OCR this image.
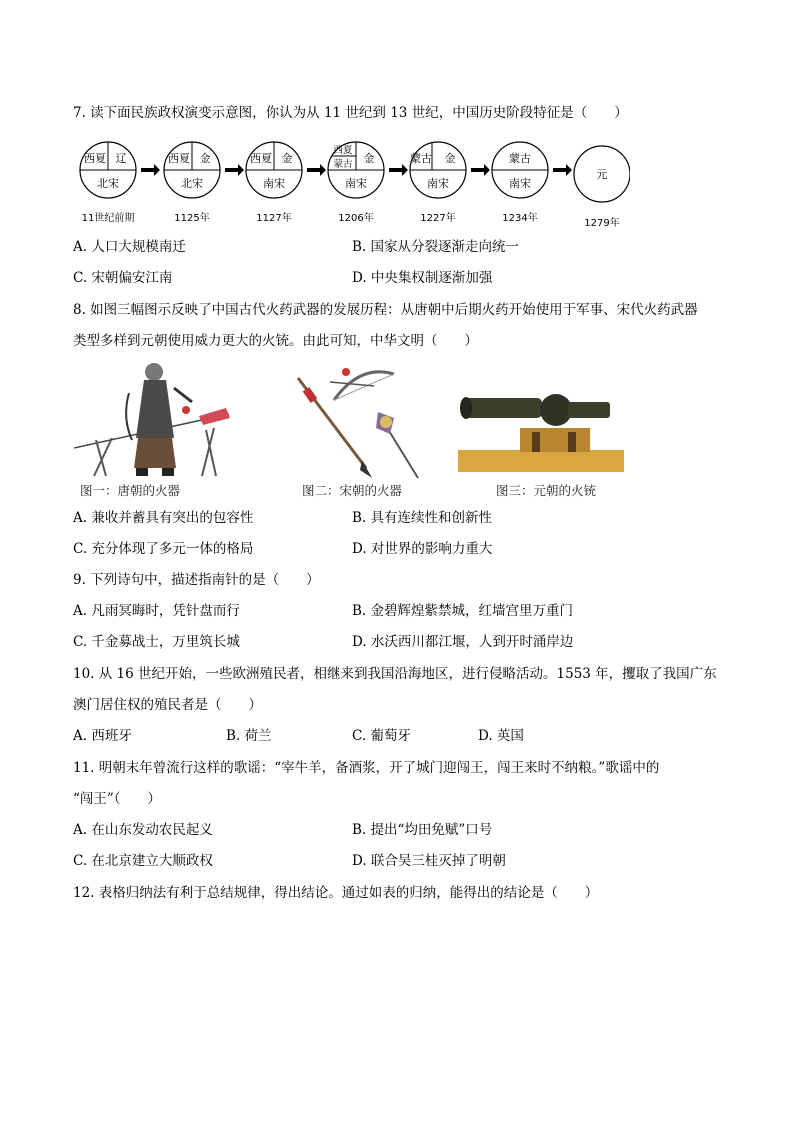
7. 读下面民族政权演变示意图，你认为从 11 世纪到 13 世纪，中国历史阶段特征是（　　）
西夏 辽
北宋
11世纪前期
西夏 金
北宋
1125年
西夏 金
南宋
1127年
蒙古
西夏
金
南宋
1206年
蒙古 金
南宋
1227年
蒙古
南宋
1234年
元
1279年
A. 人口大规模南迁	B. 国家从分裂逐渐走向统一
C. 宋朝偏安江南	D. 中央集权制逐渐加强
8. 如图三幅图示反映了中国古代火药武器的发展历程：从唐朝中后期火药开始使用于军事、宋代火药武器
类型多样到元朝使用威力更大的火铳。由此可知，中华文明（　　）
图一：唐朝的火器	图二：宋朝的火器	图三：元朝的火铳
A. 兼收并蓄具有突出的包容性	B. 具有连续性和创新性
C. 充分体现了多元一体的格局	D. 对世界的影响力重大
9. 下列诗句中，描述指南针的是（　　）
A. 凡雨冥晦时，凭针盘而行	B. 金碧辉煌紫禁城，红墙宫里万重门
C. 千金募战士，万里筑长城	D. 水沃西川都江堰，人到开时涌岸边
10. 从 16 世纪开始，一些欧洲殖民者，相继来到我国沿海地区，进行侵略活动。1553 年，攫取了我国广东
澳门居住权的殖民者是（　　）
A. 西班牙	B. 荷兰	C. 葡萄牙	D. 英国
11. 明朝末年曾流行这样的歌谣：“宰牛羊，备酒浆，开了城门迎闯王，闯王来时不纳粮。”歌谣中的
“闯王”（　　）
A. 在山东发动农民起义	B. 提出“均田免赋”口号
C. 在北京建立大顺政权	D. 联合吴三桂灭掉了明朝
12. 表格归纳法有利于总结规律，得出结论。通过如表的归纳，能得出的结论是（　　）
